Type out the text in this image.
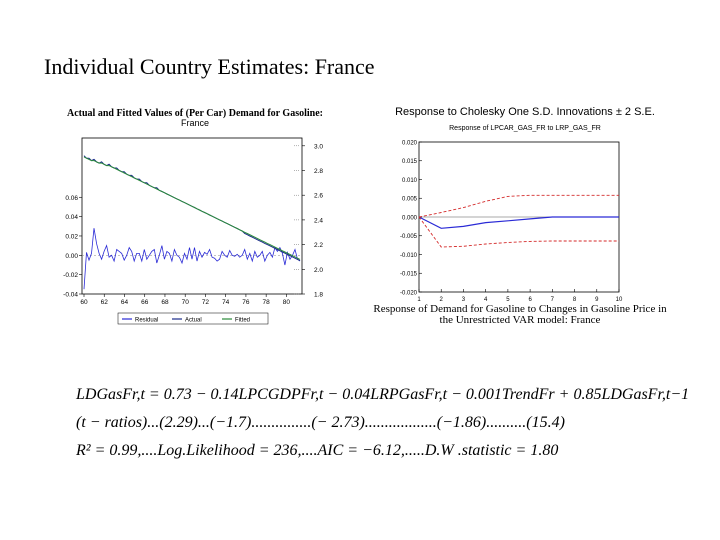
Individual Country Estimates: France
Actual and Fitted Values of (Per Car) Demand for Gasoline:
France
0.06
0.04
0.02
0.00
-0.02
-0.04
3.0
2.8
2.6
2.4
2.2
2.0
1.8
60 62 64 66 68 70 72 74 76 78 80
Residual	Actual	Fitted
Response to Cholesky One S.D. Innovations ± 2 S.E.
Response of LPCAR_GAS_FR to LRP_GAS_FR
0.020
0.015
0.010
0.005
0.000
-0.005
-0.010
-0.015
-0.020
1	2	3	4	5	6	7	8	9	10
Response of Demand for Gasoline to Changes in Gasoline Price in the Unrestricted VAR model: France
LDGasFr,t = 0.73 − 0.14LPCGDPFr,t − 0.04LRPGasFr,t − 0.001TrendFr + 0.85LDGasFr,t−1
(t − ratios)...(2.29)...(−1.7)...............(− 2.73)..................(−1.86)..........(15.4)
R² = 0.99,....Log.Likelihood = 236,....AIC = −6.12,.....D.W .statistic = 1.80
